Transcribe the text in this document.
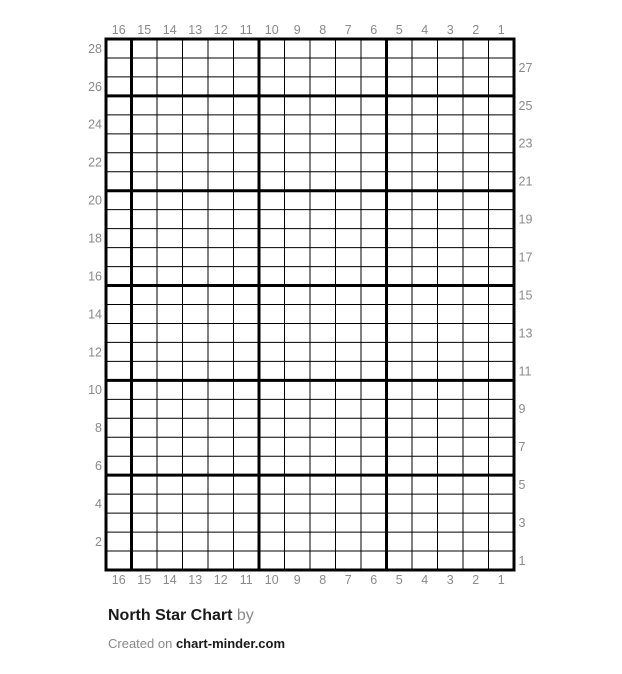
16 15 14 13 12 11 10 9 8 7 6 5 4 3 2 1
16 15 14 13 12 11 10 9 8 7 6 5 4 3 2 1
28
26
24
22
20
18
16
14
12
10
8
6
4
2
27
25
23
21
19
17
15
13
11
9
7
5
3
1
North Star Chart by
Created on chart-minder.com
